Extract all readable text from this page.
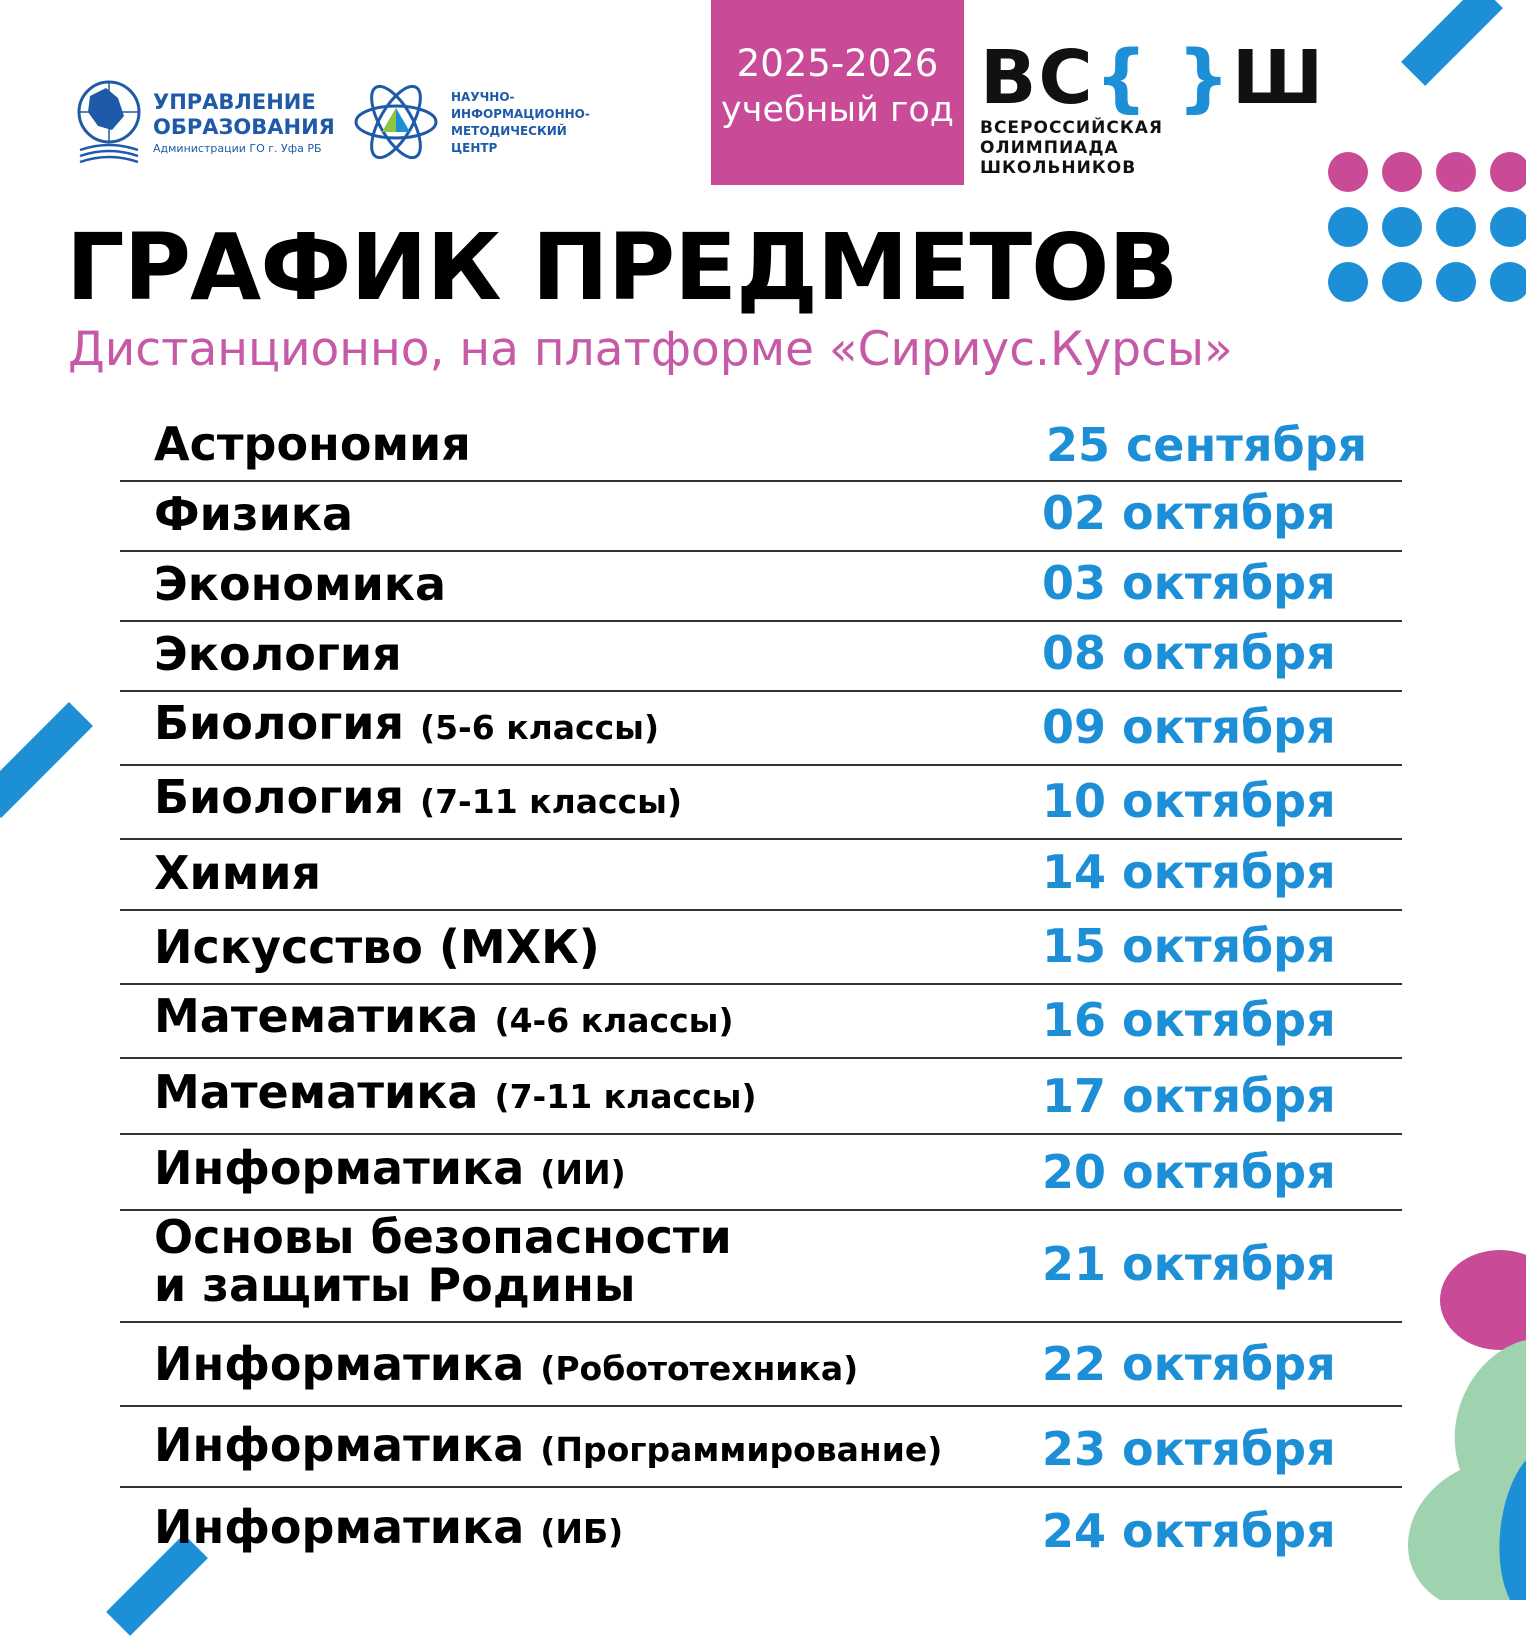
УПРАВЛЕНИЕ
ОБРАЗОВАНИЯ
Администрации ГО г. Уфа РБ
НАУЧНО-
ИНФОРМАЦИОННО-
МЕТОДИЧЕСКИЙ
ЦЕНТР
2025-2026
учебный год ВС{ }Ш
ВСЕРОССИЙСКАЯ
ОЛИМПИАДА
ШКОЛЬНИКОВ
ГРАФИК ПРЕДМЕТОВ
Дистанционно, на платформе «Сириус.Курсы»
Астрономия	25 сентября
Физика	02 октября
Экономика	03 октября
Экология	08 октября
Биология (5-6 классы)	09 октября
Биология (7-11 классы)	10 октября
Химия	14 октября
Искусство (МХК)	15 октября
Математика (4-6 классы)	16 октября
Математика (7-11 классы)	17 октября
Информатика (ИИ)	20 октября
Основы безопасности
и защиты Родины	21 октября
Информатика (Робототехника)	22 октября
Информатика (Программирование) 23 октября
Информатика (ИБ)	24 октября
